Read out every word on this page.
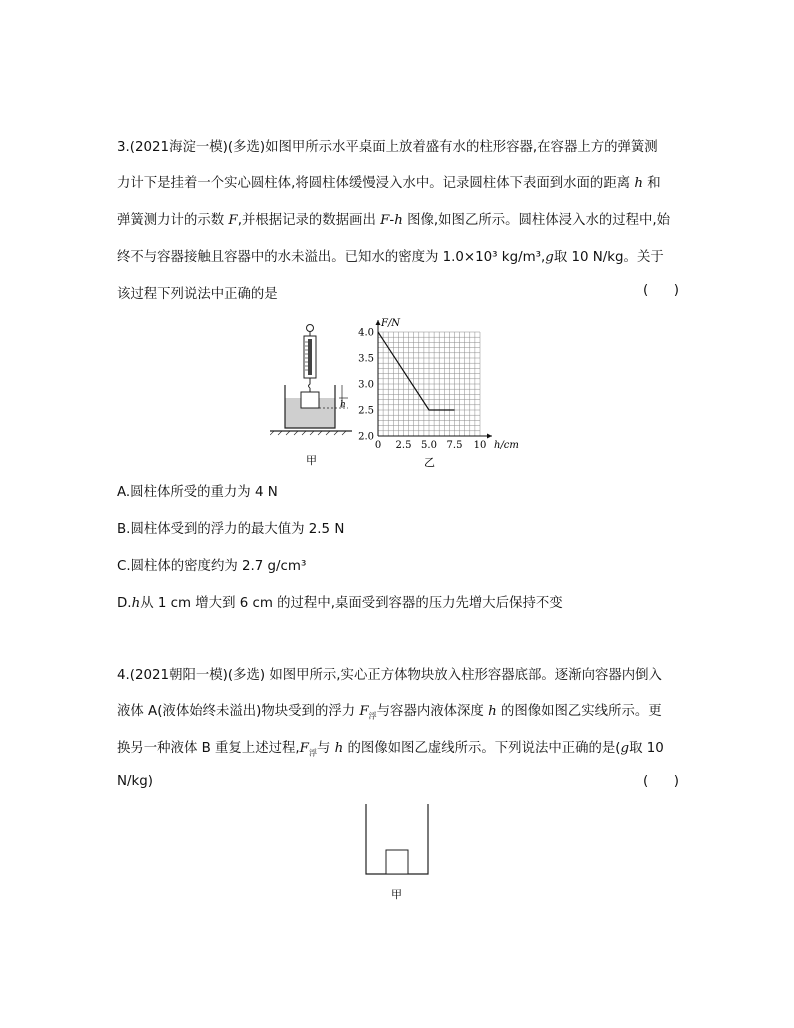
3.(2021海淀一模)(多选)如图甲所示水平桌面上放着盛有水的柱形容器,在容器上方的弹簧测
力计下是挂着一个实心圆柱体,将圆柱体缓慢浸入水中。记录圆柱体下表面到水面的距离 h 和
弹簧测力计的示数 F,并根据记录的数据画出 F-h 图像,如图乙所示。圆柱体浸入水的过程中,始
终不与容器接触且容器中的水未溢出。已知水的密度为 1.0×10³ kg/m³,g取 10 N/kg。关于
该过程下列说法中正确的是	(      )
h
甲
0 2.5 5.0 7.5 10
2.0
2.5
3.0
3.5
4.0
F/N
h/cm
乙
A.圆柱体所受的重力为 4 N
B.圆柱体受到的浮力的最大值为 2.5 N
C.圆柱体的密度约为 2.7 g/cm³
D.h从 1 cm 增大到 6 cm 的过程中,桌面受到容器的压力先增大后保持不变
4.(2021朝阳一模)(多选) 如图甲所示,实心正方体物块放入柱形容器底部。逐渐向容器内倒入
液体 A(液体始终未溢出)物块受到的浮力 $F_浮$与容器内液体深度 h 的图像如图乙实线所示。更
换另一种液体 B 重复上述过程$,F_浮$与 h 的图像如图乙虚线所示。下列说法中正确的是(g取 10
N/kg)	(      )
甲
